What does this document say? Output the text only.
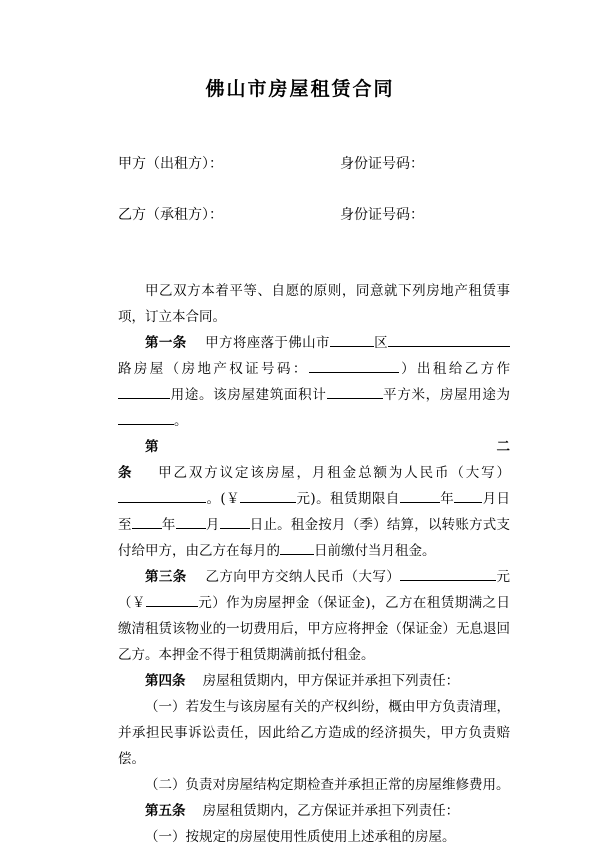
佛山市房屋租赁合同
甲方（出租方）：	身份证号码：
乙方（承租方）：	身份证号码：

甲乙双方本着平等、自愿的原则，同意就下列房地产租赁事项，订立本合同。

第一条 甲方将座落于佛山市	区路房屋（房地产权证号码：	）出租给乙方作用途。该房屋建筑面积计	平方米，房屋用途为。

第二条 甲乙双方议定该房屋，月租金总额为人民币（大写）。(￥	元)。租赁期限自	年 月日至 年 月 日止。租金按月（季）结算，以转账方式支付给甲方，由乙方在每月的	日前缴付当月租金。

第三条 乙方向甲方交纳人民币（大写）	元（￥	元）作为房屋押金（保证金)，乙方在租赁期满之日缴清租赁该物业的一切费用后，甲方应将押金（保证金）无息退回乙方。本押金不得于租赁期满前抵付租金。

第四条 房屋租赁期内，甲方保证并承担下列责任：

（一）若发生与该房屋有关的产权纠纷，概由甲方负责清理，并承担民事诉讼责任，因此给乙方造成的经济损失，甲方负责赔偿。

（二）负责对房屋结构定期检查并承担正常的房屋维修费用。

第五条 房屋租赁期内，乙方保证并承担下列责任：

（一）按规定的房屋使用性质使用上述承租的房屋。
